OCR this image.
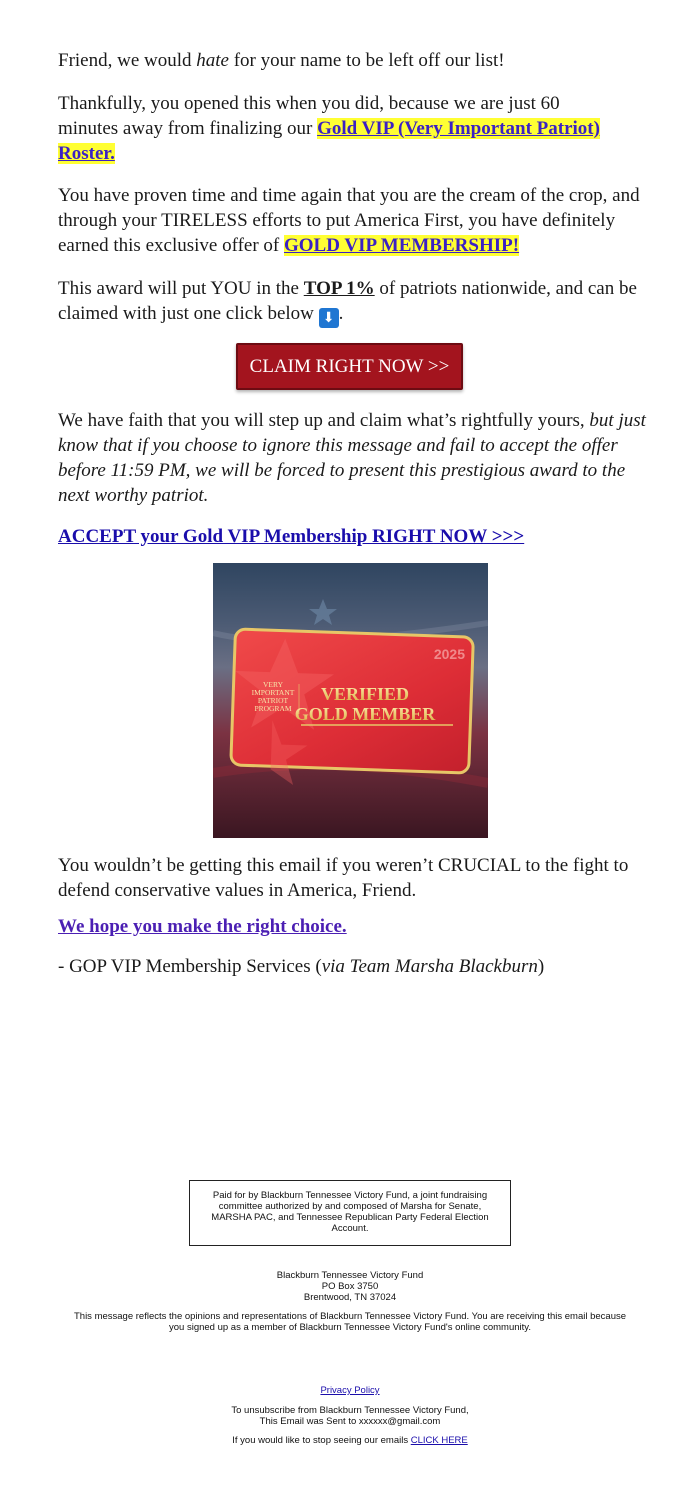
Friend, we would hate for your name to be left off our list!

Thankfully, you opened this when you did, because we are just 60 minutes away from finalizing our Gold VIP (Very Important Patriot) Roster.

You have proven time and time again that you are the cream of the crop, and through your TIRELESS efforts to put America First, you have definitely earned this exclusive offer of GOLD VIP MEMBERSHIP!

This award will put YOU in the TOP 1% of patriots nationwide, and can be claimed with just one click below ⬇ .

We have faith that you will step up and claim what’s rightfully yours, but just know that if you choose to ignore this message and fail to accept the offer before 11:59 PM, we will be forced to present this prestigious award to the next worthy patriot.

ACCEPT your Gold VIP Membership RIGHT NOW >>>

You wouldn’t be getting this email if you weren’t CRUCIAL to the fight to defend conservative values in America, Friend.

We hope you make the right choice.

- GOP VIP Membership Services (via Team Marsha Blackburn)

CLAIM RIGHT NOW >>
2025
VERY
IMPORTANT
PATRIOT
PROGRAM
VERIFIED
GOLD MEMBER
Paid for by Blackburn Tennessee Victory Fund, a joint fundraising committee authorized by and composed of Marsha for Senate, MARSHA PAC, and Tennessee Republican Party Federal Election Account.
Blackburn Tennessee Victory Fund
PO Box 3750
Brentwood, TN 37024
This message reflects the opinions and representations of Blackburn Tennessee Victory Fund. You are receiving this email because you signed up as a member of Blackburn Tennessee Victory Fund's online community.
Privacy Policy
To unsubscribe from Blackburn Tennessee Victory Fund,
This Email was Sent to xxxxxx@gmail.com
If you would like to stop seeing our emails CLICK HERE
